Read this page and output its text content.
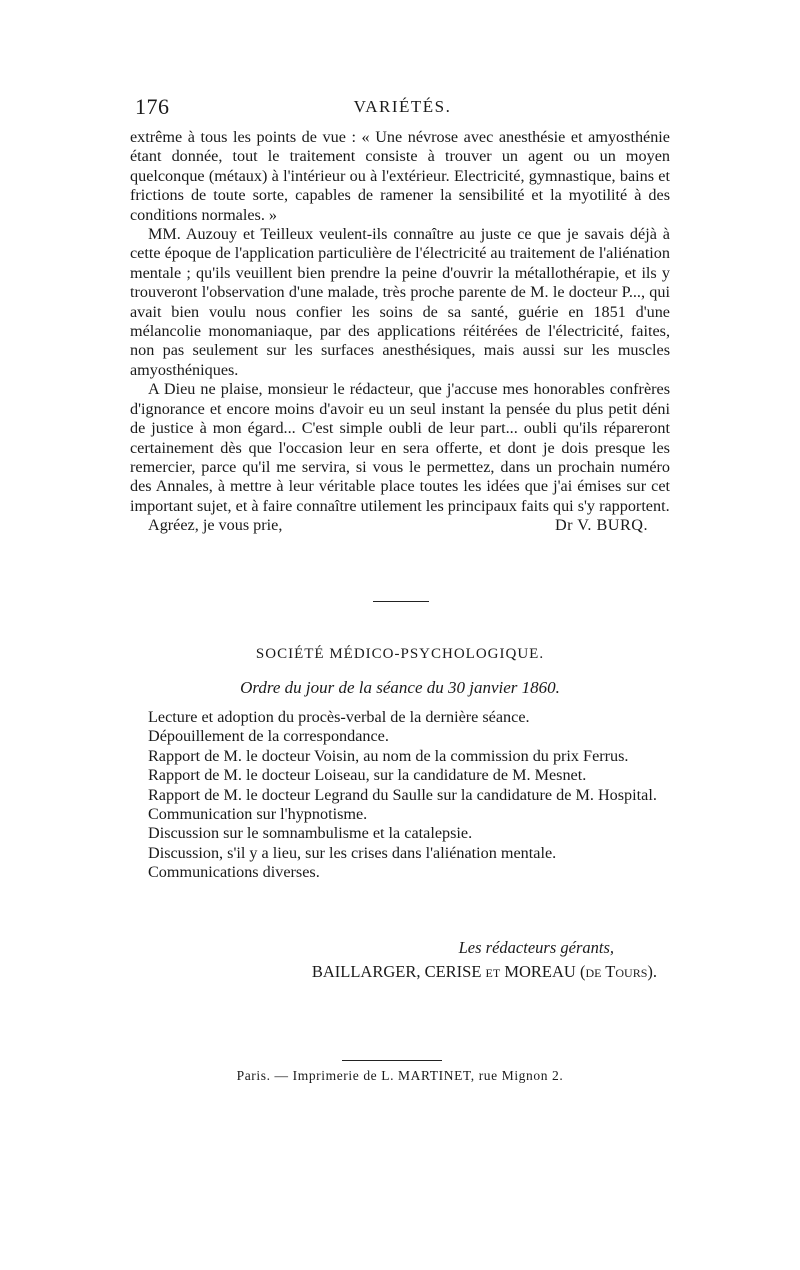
176	VARIÉTÉS.

extrême à tous les points de vue : « Une névrose avec anesthésie et amyosthénie étant donnée, tout le traitement consiste à trouver un agent ou un moyen quelconque (métaux) à l'intérieur ou à l'extérieur. Electricité, gymnastique, bains et frictions de toute sorte, capables de ramener la sensibilité et la myotilité à des conditions normales. »

MM. Auzouy et Teilleux veulent-ils connaître au juste ce que je savais déjà à cette époque de l'application particulière de l'électricité au traitement de l'aliénation mentale ; qu'ils veuillent bien prendre la peine d'ouvrir la métallothérapie, et ils y trouveront l'observation d'une malade, très proche parente de M. le docteur P..., qui avait bien voulu nous confier les soins de sa santé, guérie en 1851 d'une mélancolie monomaniaque, par des applications réitérées de l'électricité, faites, non pas seulement sur les surfaces anesthésiques, mais aussi sur les muscles amyosthéniques.

A Dieu ne plaise, monsieur le rédacteur, que j'accuse mes honorables confrères d'ignorance et encore moins d'avoir eu un seul instant la pensée du plus petit déni de justice à mon égard... C'est simple oubli de leur part... oubli qu'ils répareront certainement dès que l'occasion leur en sera offerte, et dont je dois presque les remercier, parce qu'il me servira, si vous le permettez, dans un prochain numéro des Annales, à mettre à leur véritable place toutes les idées que j'ai émises sur cet important sujet, et à faire connaître utilement les principaux faits qui s'y rapportent.

Agréez, je vous prie,	Dr V. BURQ.
SOCIÉTÉ MÉDICO-PSYCHOLOGIQUE.
Ordre du jour de la séance du 30 janvier 1860.

Lecture et adoption du procès-verbal de la dernière séance.

Dépouillement de la correspondance.

Rapport de M. le docteur Voisin, au nom de la commission du prix Ferrus.

Rapport de M. le docteur Loiseau, sur la candidature de M. Mesnet.

Rapport de M. le docteur Legrand du Saulle sur la candidature de M. Hospital.

Communication sur l'hypnotisme.

Discussion sur le somnambulisme et la catalepsie.

Discussion, s'il y a lieu, sur les crises dans l'aliénation mentale.

Communications diverses.

Les rédacteurs gérants,
BAILLARGER, CERISE et MOREAU (de Tours).
Paris. — Imprimerie de L. MARTINET, rue Mignon 2.
